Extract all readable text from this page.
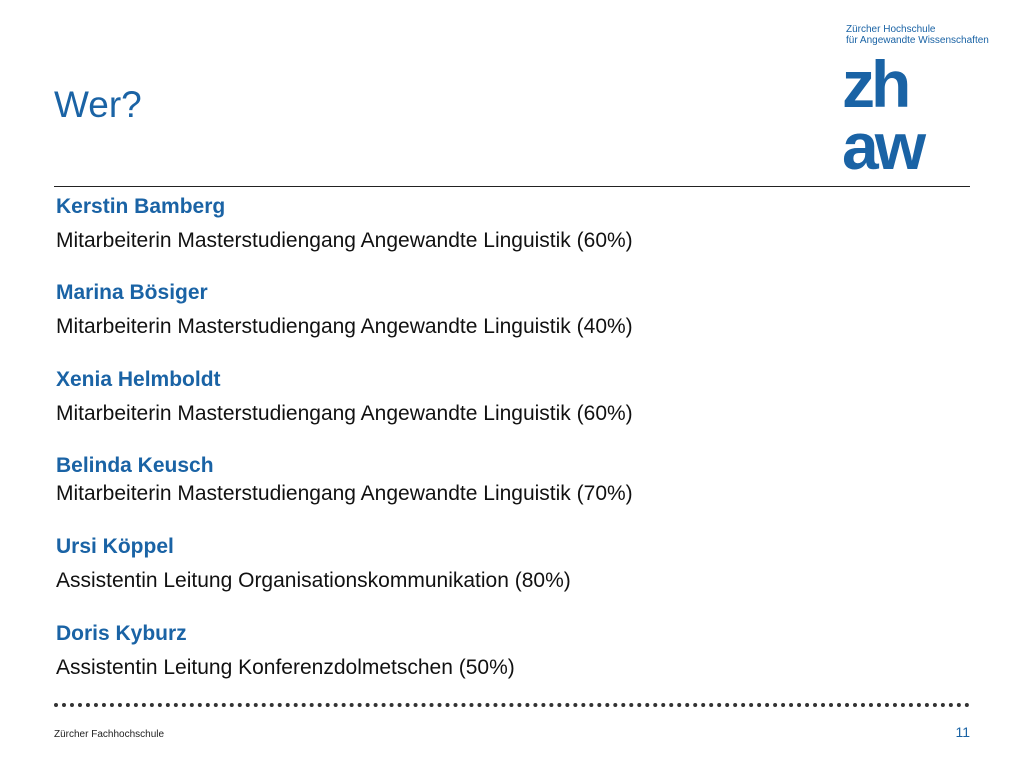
Zürcher Hochschule
für Angewandte Wissenschaften
zh
aw
Wer?
Kerstin Bamberg
Mitarbeiterin Masterstudiengang Angewandte Linguistik (60%)
Marina Bösiger
Mitarbeiterin Masterstudiengang Angewandte Linguistik (40%)
Xenia Helmboldt
Mitarbeiterin Masterstudiengang Angewandte Linguistik (60%)
Belinda Keusch
Mitarbeiterin Masterstudiengang Angewandte Linguistik (70%)
Ursi Köppel
Assistentin Leitung Organisationskommunikation (80%)
Doris Kyburz
Assistentin Leitung Konferenzdolmetschen (50%)
Zürcher Fachhochschule	11
